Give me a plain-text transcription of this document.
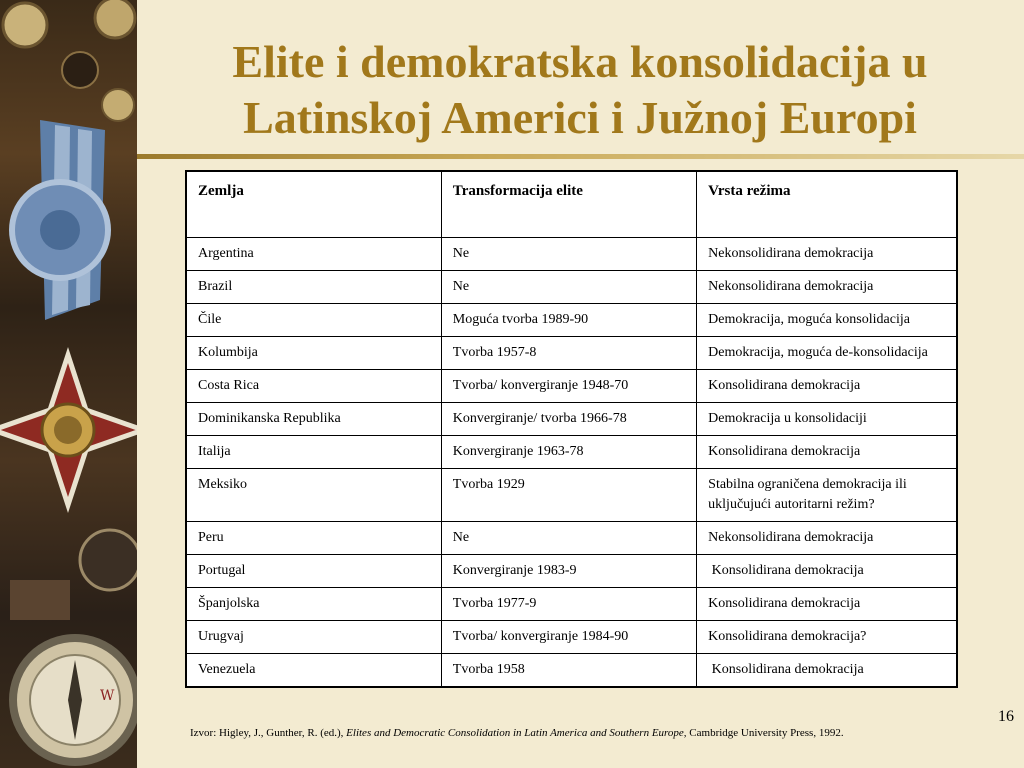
W
Elite i demokratska konsolidacija u
Latinskoj Americi i Južnoj Europi
Zemlja	Transformacija elite	Vrsta režima
Argentina	Ne	Nekonsolidirana demokracija
Brazil	Ne	Nekonsolidirana demokracija
Čile	Moguća tvorba 1989-90	Demokracija, moguća konsolidacija
Kolumbija	Tvorba 1957-8	Demokracija, moguća de-konsolidacija
Costa Rica	Tvorba/ konvergiranje 1948-70	Konsolidirana demokracija
Dominikanska Republika	Konvergiranje/ tvorba 1966-78	Demokracija u konsolidaciji
Italija	Konvergiranje 1963-78	Konsolidirana demokracija
Meksiko	Tvorba 1929	Stabilna ograničena demokracija ili uključujući autoritarni režim?
Peru	Ne	Nekonsolidirana demokracija
Portugal	Konvergiranje 1983-9	Konsolidirana demokracija
Španjolska	Tvorba 1977-9	Konsolidirana demokracija
Urugvaj	Tvorba/ konvergiranje 1984-90	Konsolidirana demokracija?
Venezuela	Tvorba 1958	Konsolidirana demokracija
16
Izvor: Higley, J., Gunther, R. (ed.), Elites and Democratic Consolidation in Latin America and Southern Europe, Cambridge University Press, 1992.
